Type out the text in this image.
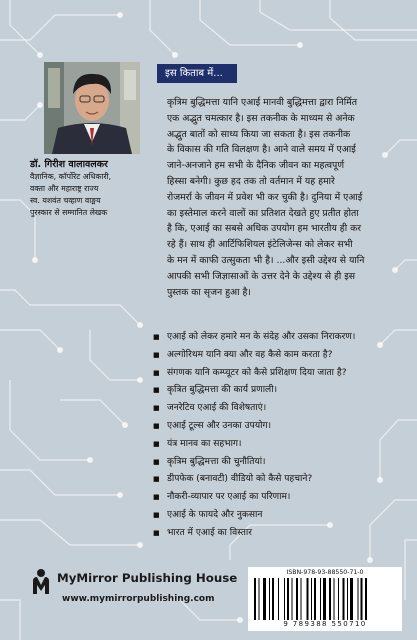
डॉ. गिरीश वालावलकर
वैज्ञानिक, कॉर्पोरेट अधिकारी,
वक्ता और महाराष्ट्र राज्य
स्व. यशवंत चव्हाण वाङ्मय
पुरस्कार से सम्मानित लेखक
इस किताब में...

कृत्रिम बुद्धिमत्ता यानि एआई मानवी बुद्धिमत्ता द्वारा निर्मित
एक अद्भुत चमत्कार है। इस तकनीक के माध्यम से अनेक
अद्भुत बातों को साध्य किया जा सकता है। इस तकनीक
के विकास की गति विलक्षण है। आने वाले समय में एआई
जाने-अनजाने हम सभी के दैनिक जीवन का महत्वपूर्ण
हिस्सा बनेगी। कुछ हद तक तो वर्तमान में यह हमारे
रोजमर्रा के जीवन में प्रवेश भी कर चुकी है। दुनिया में एआई
का इस्तेमाल करने वालों का प्रतिशत देखते हुए प्रतीत होता
है कि, एआई का सबसे अधिक उपयोग हम भारतीय ही कर
रहे हैं। साथ ही आर्टिफिशियल इंटेलिजेन्स को लेकर सभी
के मन में काफी उत्सुकता भी है। ...और इसी उद्देश्य से यानि
आपकी सभी जिज्ञासाओं के उत्तर देने के उद्देश्य से ही इस
पुस्तक का सृजन हुआ है।

■ एआई को लेकर हमारे मन के संदेह और उसका निराकरण।
■ अल्गोरिथम यानि क्या और वह कैसे काम करता है?
■ संगणक यानि कम्प्यूटर को कैसे प्रशिक्षण दिया जाता है?
■ कृत्रित बुद्धिमत्ता की कार्य प्रणाली।
■ जनरेटिव एआई की विशेषताएं।
■ एआई टूल्स और उनका उपयोग।
■ यंत्र मानव का सहभाग।
■ कृत्रिम बुद्धिमत्ता की चुनौतियां।
■ डीपफेक (बनावटी) वीडियो को कैसे पहचाने?
■ नौकरी-व्यापार पर एआई का परिणाम।
■ एआई के फायदे और नुकसान
■ भारत में एआई का विस्तार
ISBN-978-93-88550-71-0
9 789388 550710
MyMirror Publishing House
www.mymirrorpublishing.com
